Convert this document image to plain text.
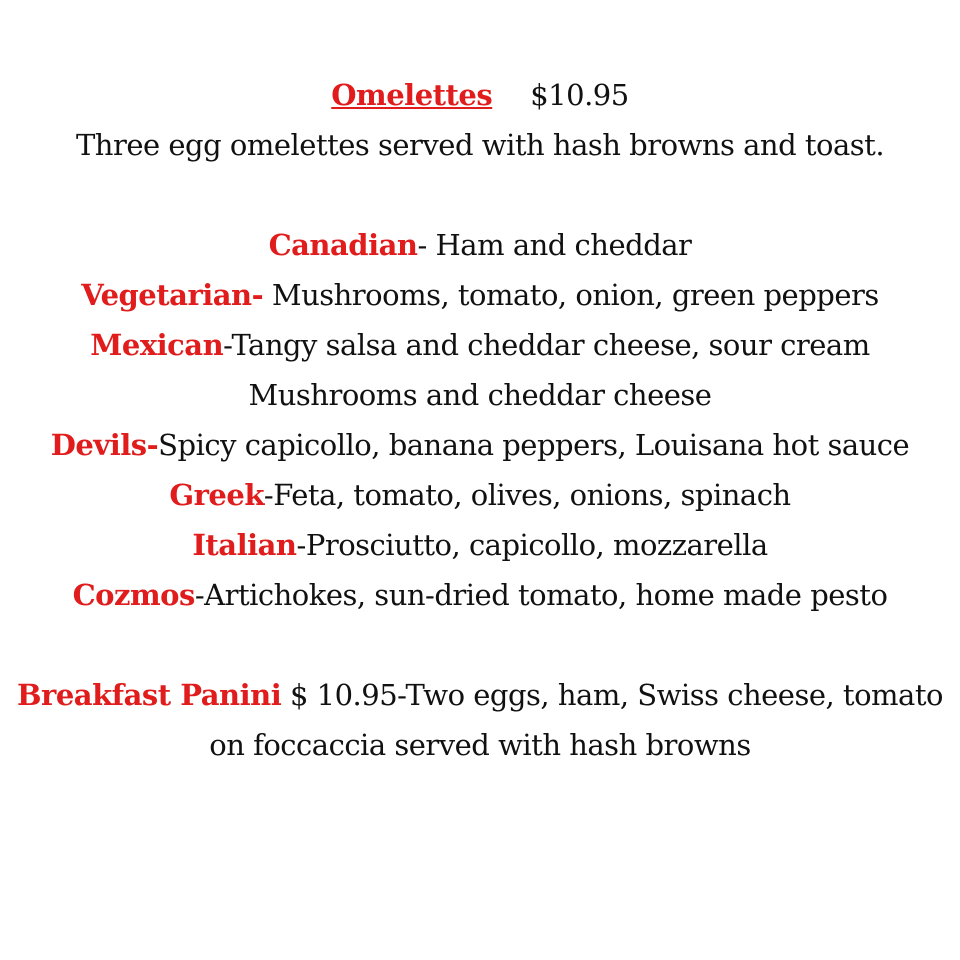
Omelettes $10.95
Three egg omelettes served with hash browns and toast.
Canadian- Ham and cheddar
Vegetarian- Mushrooms, tomato, onion, green peppers
Mexican-Tangy salsa and cheddar cheese, sour cream
Mushrooms and cheddar cheese
Devils-Spicy capicollo, banana peppers, Louisana hot sauce
Greek-Feta, tomato, olives, onions, spinach
Italian-Prosciutto, capicollo, mozzarella
Cozmos-Artichokes, sun-dried tomato, home made pesto
Breakfast Panini $ 10.95-Two eggs, ham, Swiss cheese, tomato
on foccaccia served with hash browns
